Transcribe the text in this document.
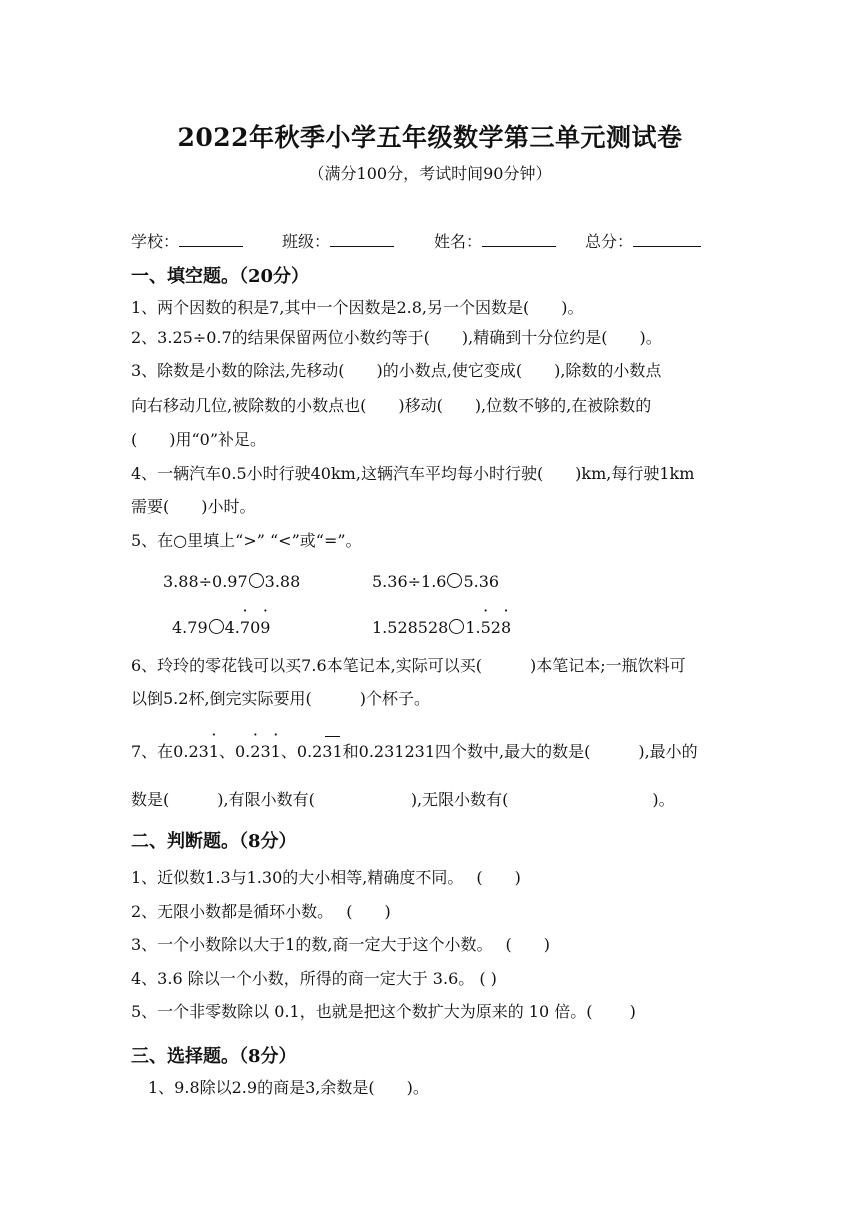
2022年秋季小学五年级数学第三单元测试卷
（满分100分，考试时间90分钟）
学校：	班级：	姓名：	总分：
一、填空题。（20分）
1、两个因数的积是7,其中一个因数是2.8,另一个因数是(　　)。
2、3.25÷0.7的结果保留两位小数约等于(　　),精确到十分位约是(　　)。
3、除数是小数的除法,先移动(　　)的小数点,使它变成(　　),除数的小数点
向右移动几位,被除数的小数点也(　　)移动(　　),位数不够的,在被除数的
(　　)用“0”补足。
4、一辆汽车0.5小时行驶40km,这辆汽车平均每小时行驶(　　)km,每行驶1km
需要(　　)小时。
5、在○里填上“>” “<”或“=”。
3.88÷0.97 3.88	5.36÷1.6 5.36
4.79 4.· 70· 9	1.528528 1.· 52· 8
6、玲玲的零花钱可以买7.6本笔记本,实际可以买(　　　)本笔记本;一瓶饮料可
以倒5.2杯,倒完实际要用(　　　)个杯子。
7、在0.23· 1、0.· 23· 1、0.231和0.231231四个数中,最大的数是(　　　),最小的
数是(　　　),有限小数有(　　　　　　),无限小数有(　　　　　　　　　)。
二、判断题。（8分）
1、近似数1.3与1.30的大小相等,精确度不同。　 (　　)
2、无限小数都是循环小数。　 (　　)
3、一个小数除以大于1的数,商一定大于这个小数。　 (　　)
4、3.6 除以一个小数，所得的商一定大于 3.6。 ( )
5、一个非零数除以 0.1，也就是把这个数扩大为原来的 10 倍。(　　 )
三、选择题。（8分）
1、9.8除以2.9的商是3,余数是(　　)。
